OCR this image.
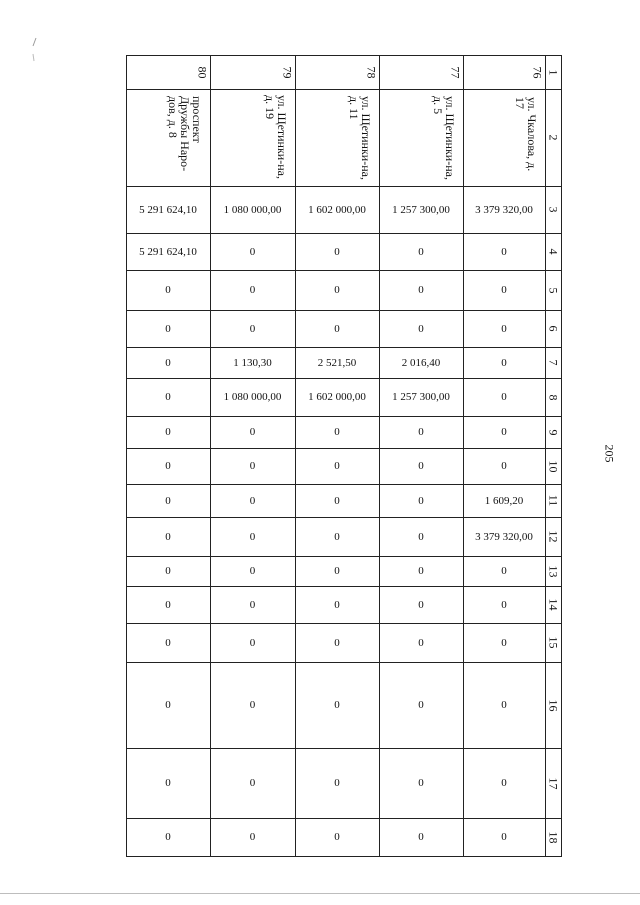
1
2
3
4
5
6
7
8
9
10
11
12
13
14
15
16
17
18
80
проспект Дружбы Наро-дов, д. 8
5 291 624,10
5 291 624,10
0
0
0
0
0
0
0
0
0
0
0
0
0
0
79
ул. Щетинки-на, д. 19
1 080 000,00
0
0
0
1 130,30
1 080 000,00
0
0
0
0
0
0
0
0
0
0
78
ул. Щетинки-на, д. 11
1 602 000,00
0
0
0
2 521,50
1 602 000,00
0
0
0
0
0
0
0
0
0
0
77
ул. Щетинки-на, д. 5
1 257 300,00
0
0
0
2 016,40
1 257 300,00
0
0
0
0
0
0
0
0
0
0
76
ул. Чкалова, д. 17
3 379 320,00
0
0
0
0
0
0
0
1 609,20
3 379 320,00
0
0
0
0
0
0
205
